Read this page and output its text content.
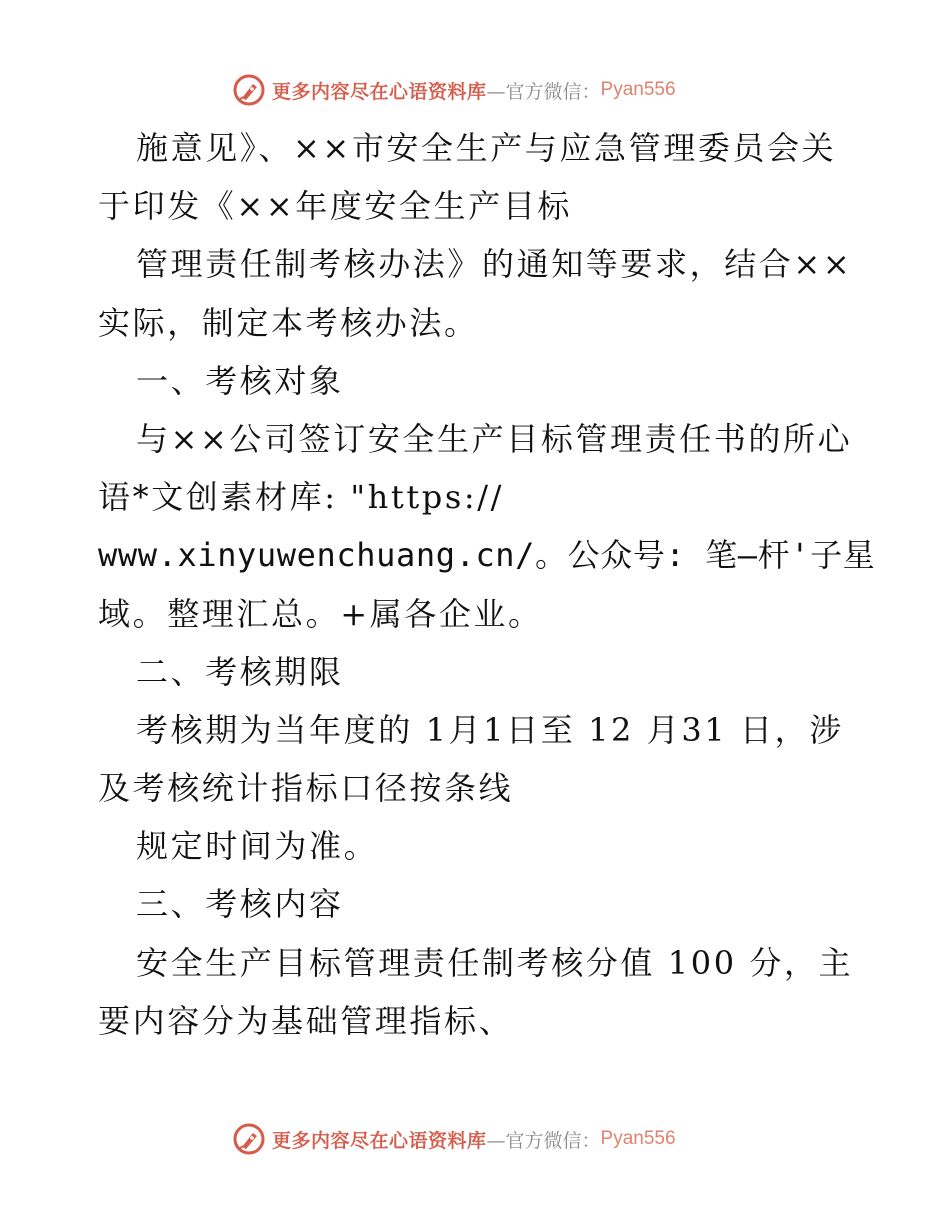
更多内容尽在心语资料库 —官方微信： Pyan556
施意见》、××市安全生产与应急管理委员会关
于印发《××年度安全生产目标
管理责任制考核办法》的通知等要求，结合××
实际，制定本考核办法。
一、考核对象
与××公司签订安全生产目标管理责任书的所心
语*文创素材库: "https://
www.xinyuwenchuang.cn/。公众号: 笔—杆'子星
域。整理汇总。+属各企业。
二、考核期限
考核期为当年度的 1月1日至 12 月31 日，涉
及考核统计指标口径按条线
规定时间为准。
三、考核内容
安全生产目标管理责任制考核分值 100 分，主
要内容分为基础管理指标、
更多内容尽在心语资料库 —官方微信： Pyan556
